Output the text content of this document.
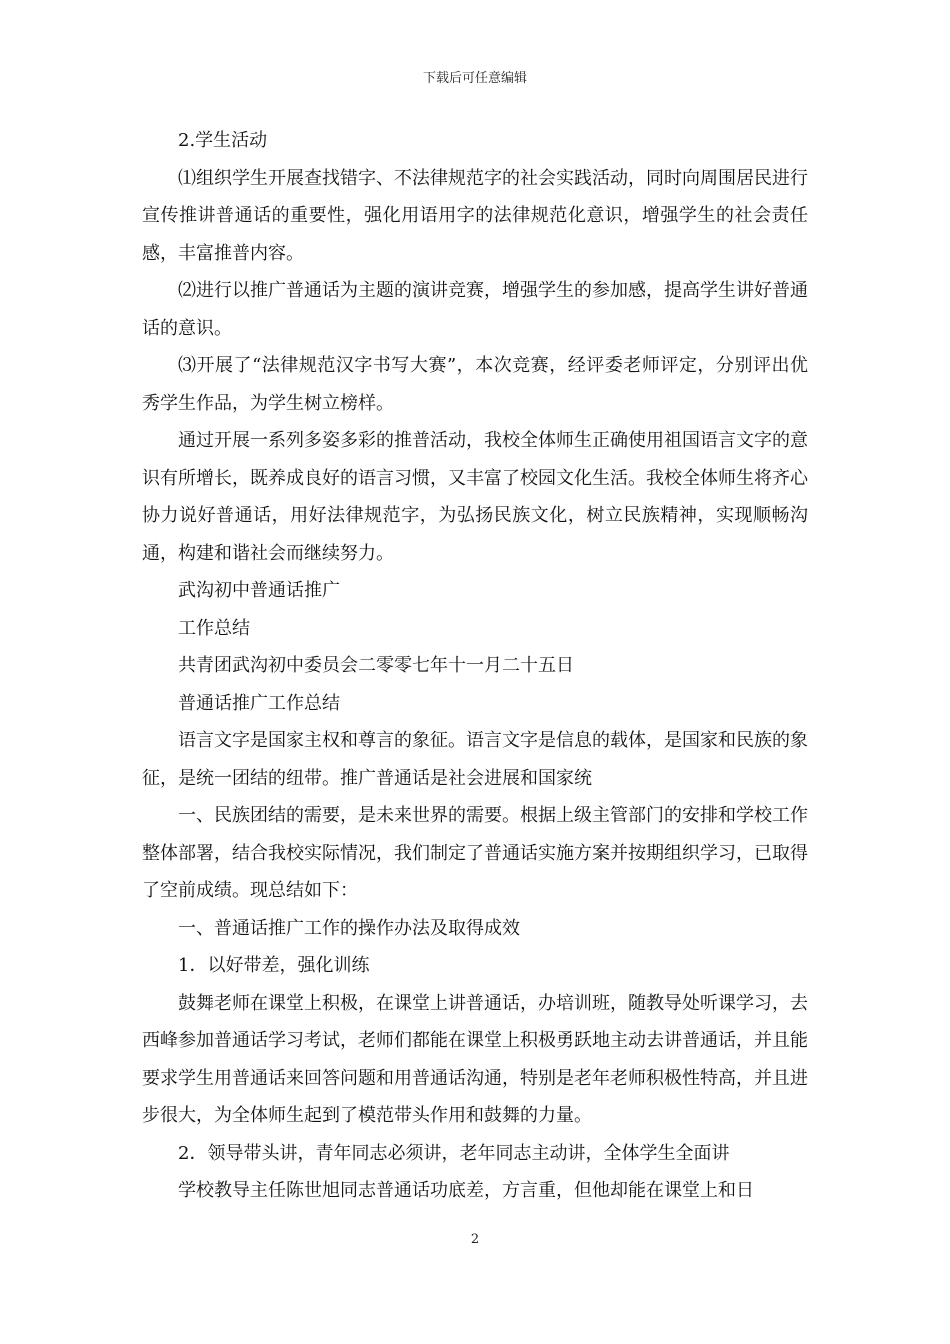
下载后可任意编辑

2.学生活动

⑴组织学生开展查找错字、不法律规范字的社会实践活动，同时向周围居民进行宣传推讲普通话的重要性，强化用语用字的法律规范化意识，增强学生的社会责任感，丰富推普内容。

⑵进行以推广普通话为主题的演讲竞赛，增强学生的参加感，提高学生讲好普通话的意识。

⑶开展了“法律规范汉字书写大赛”，本次竞赛，经评委老师评定，分别评出优秀学生作品，为学生树立榜样。

通过开展一系列多姿多彩的推普活动，我校全体师生正确使用祖国语言文字的意识有所增长，既养成良好的语言习惯，又丰富了校园文化生活。我校全体师生将齐心协力说好普通话，用好法律规范字，为弘扬民族文化，树立民族精神，实现顺畅沟通，构建和谐社会而继续努力。

武沟初中普通话推广

工作总结

共青团武沟初中委员会二零零七年十一月二十五日

普通话推广工作总结

语言文字是国家主权和尊言的象征。语言文字是信息的载体，是国家和民族的象征，是统一团结的纽带。推广普通话是社会进展和国家统

一、民族团结的需要，是未来世界的需要。根据上级主管部门的安排和学校工作整体部署，结合我校实际情况，我们制定了普通话实施方案并按期组织学习，已取得了空前成绩。现总结如下：

一、普通话推广工作的操作办法及取得成效

1．以好带差，强化训练

鼓舞老师在课堂上积极，在课堂上讲普通话，办培训班，随教导处听课学习，去西峰参加普通话学习考试，老师们都能在课堂上积极勇跃地主动去讲普通话，并且能要求学生用普通话来回答问题和用普通话沟通，特别是老年老师积极性特高，并且进步很大，为全体师生起到了模范带头作用和鼓舞的力量。

2．领导带头讲，青年同志必须讲，老年同志主动讲，全体学生全面讲

学校教导主任陈世旭同志普通话功底差，方言重，但他却能在课堂上和日

2
